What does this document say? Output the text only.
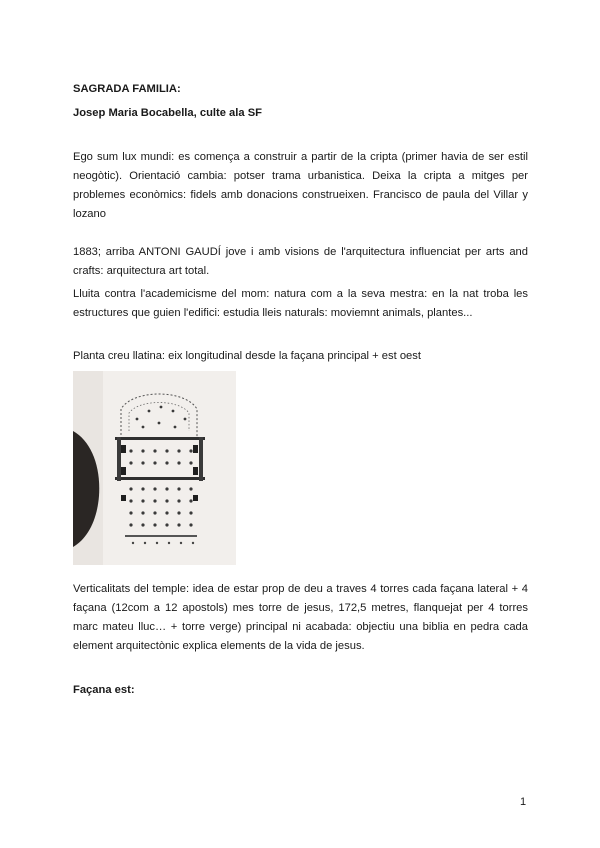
SAGRADA FAMILIA:
Josep Maria Bocabella, culte ala SF
Ego sum lux mundi: es comença a construir a partir de la cripta (primer havia de ser estil neogòtic). Orientació cambia: potser trama urbanistica. Deixa la cripta a mitges per problemes econòmics: fidels amb donacions construeixen. Francisco de paula del Villar y lozano
1883; arriba ANTONI GAUDÍ jove i amb visions de l'arquitectura influenciat per arts and crafts: arquitectura art total.
Lluita contra l'academicisme del mom: natura com a la seva mestra: en la nat troba les estructures que guien l'edifici: estudia lleis naturals: moviemnt animals, plantes...
Planta creu llatina: eix longitudinal desde la façana principal + est oest
Verticalitats del temple: idea de estar prop de deu a traves 4 torres cada façana lateral + 4 façana (12com a 12 apostols) mes torre de jesus, 172,5 metres, flanquejat per 4 torres marc mateu lluc… + torre verge) principal ni acabada: objectiu una biblia en pedra cada element arquitectònic explica elements de la vida de jesus.
Façana est:
1
